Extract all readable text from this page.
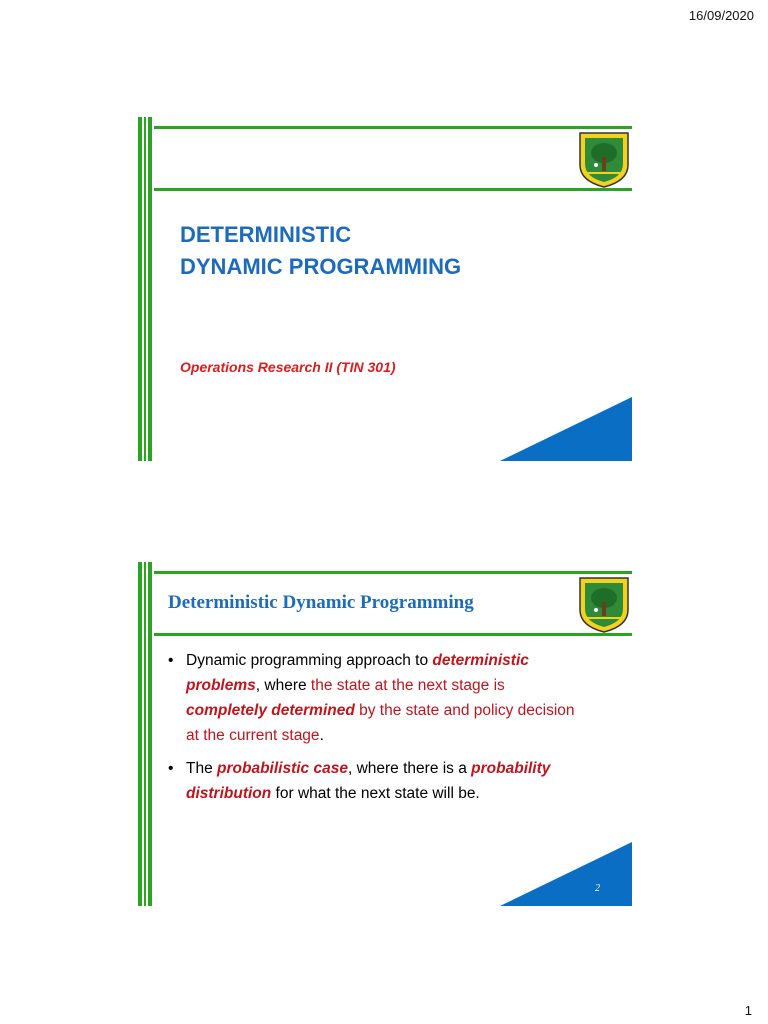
16/09/2020
DETERMINISTIC
DYNAMIC PROGRAMMING
Operations Research II (TIN 301)
Deterministic Dynamic Programming
• Dynamic programming approach to deterministic problems, where the state at the next stage is completely determined by the state and policy decision at the current stage.
• The probabilistic case, where there is a probability distribution for what the next state will be.
2
1
